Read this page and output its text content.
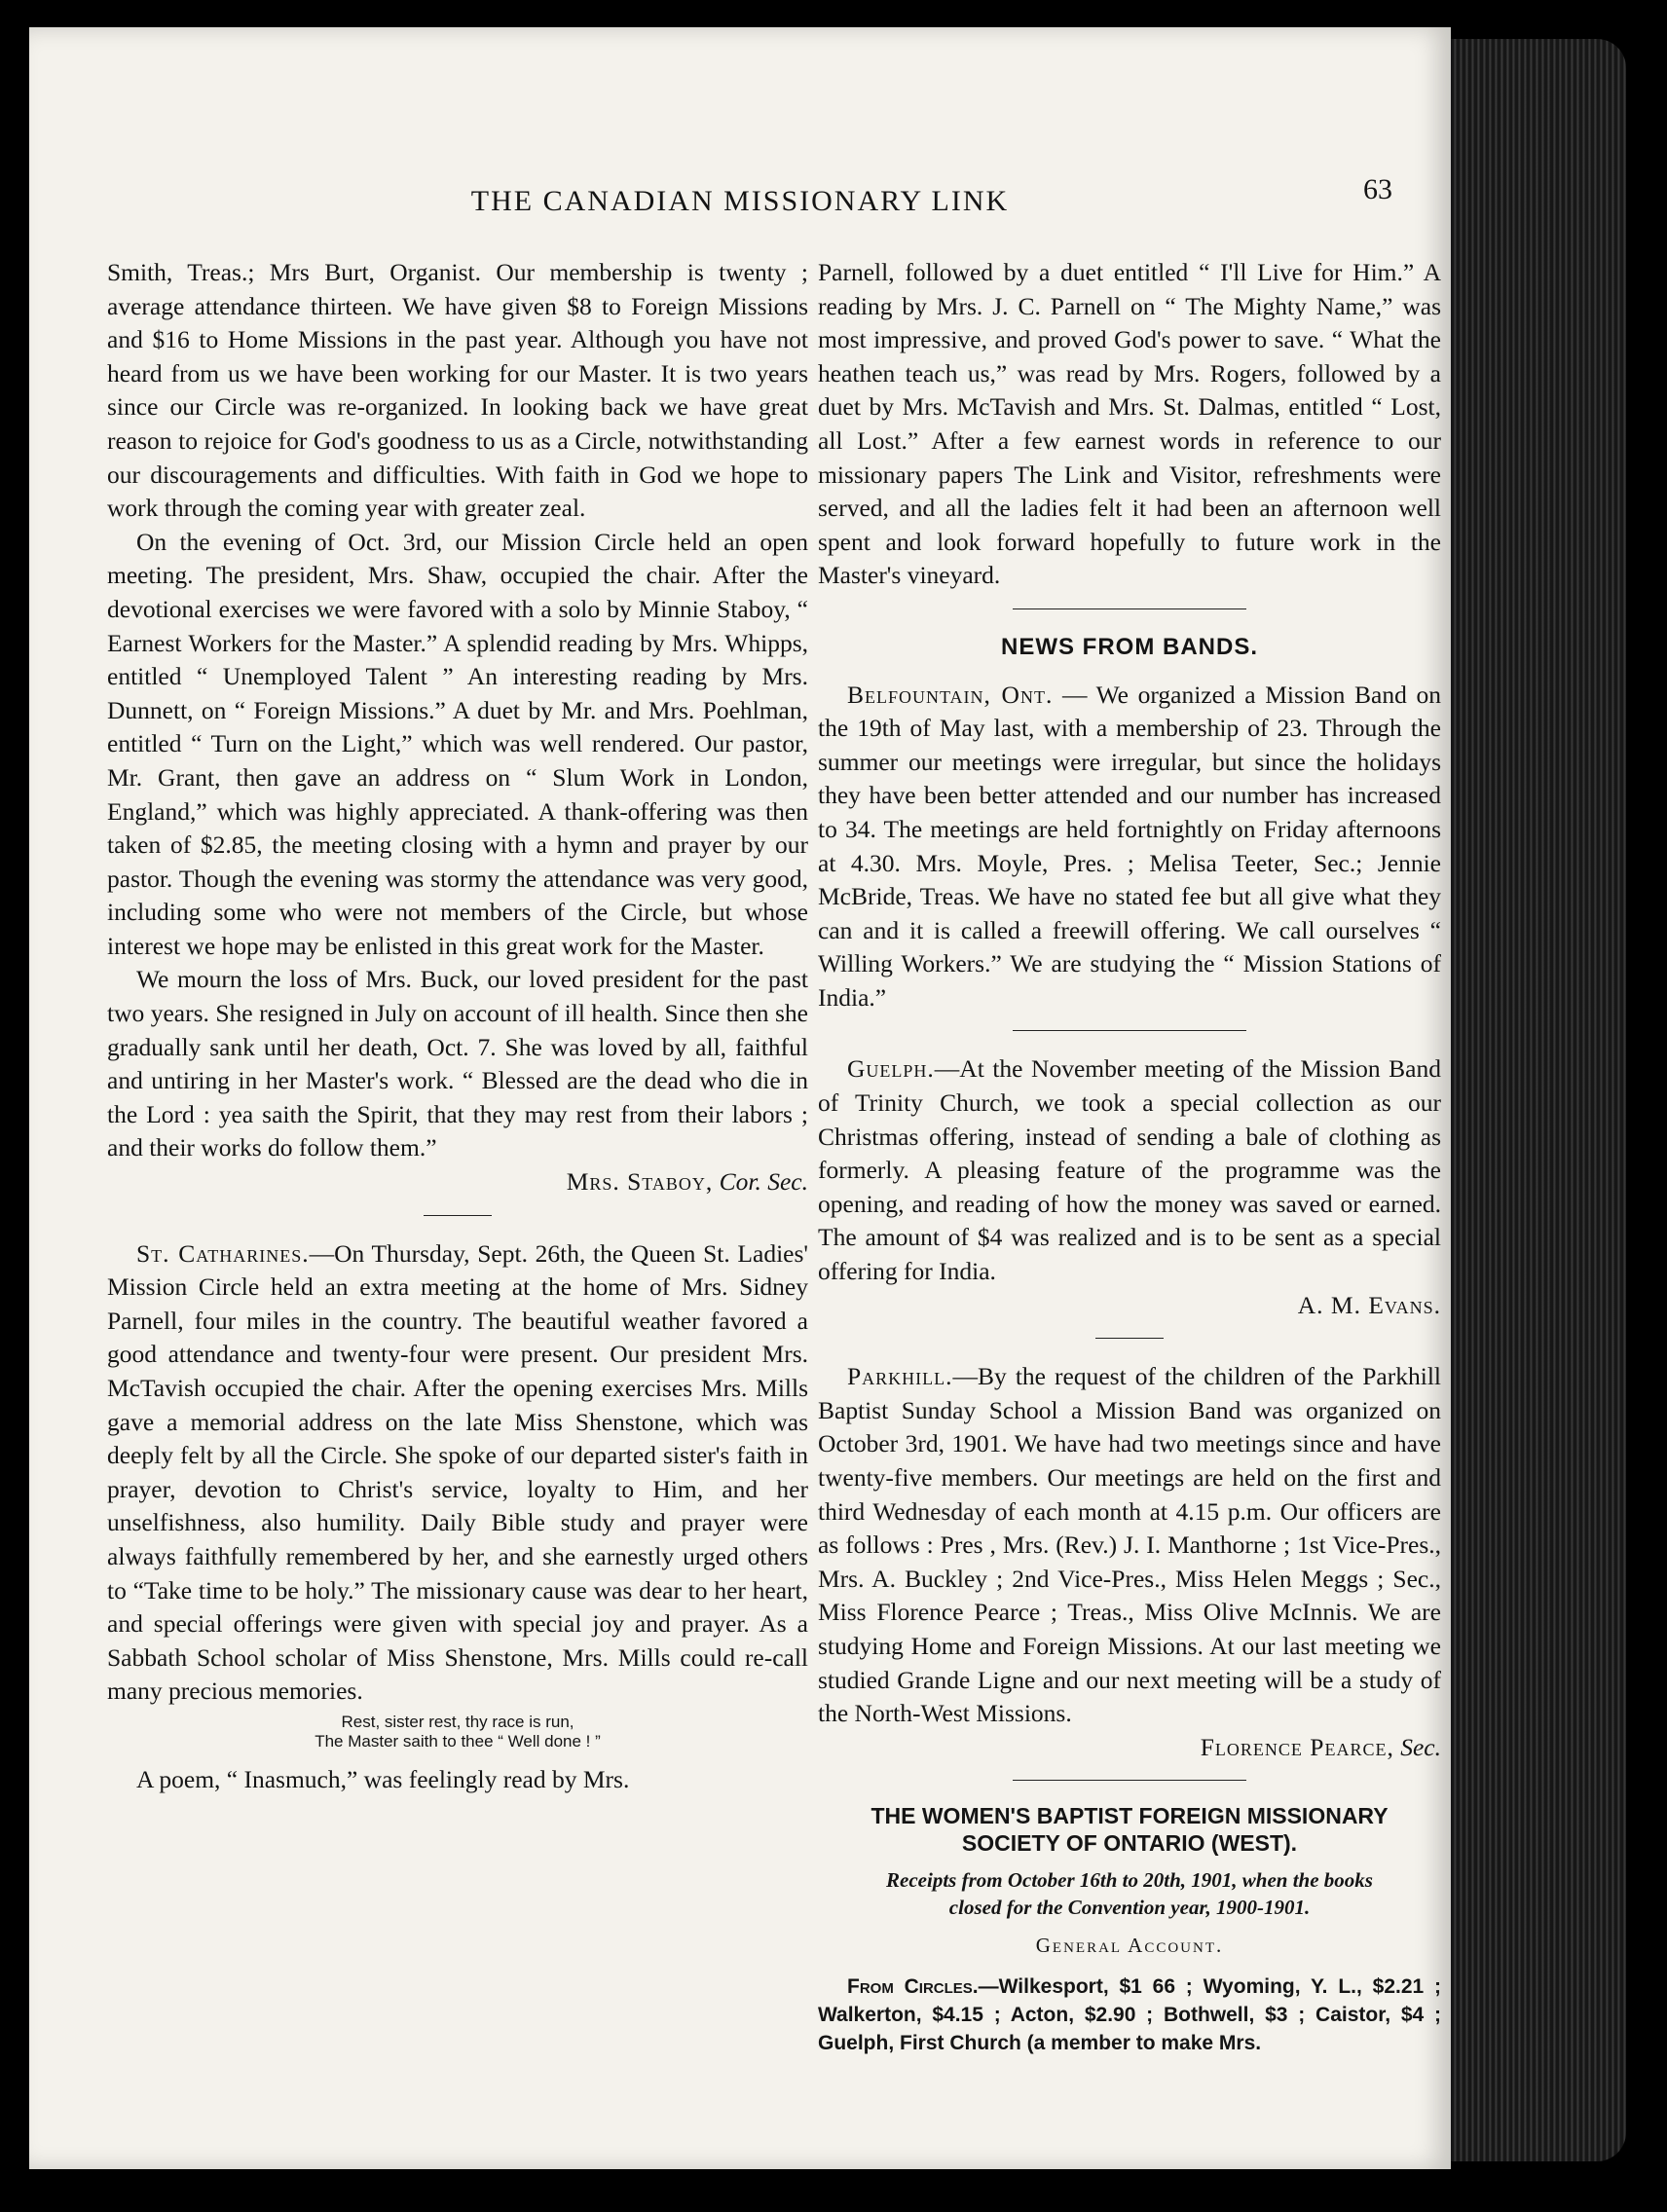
THE CANADIAN MISSIONARY LINK	63

Smith, Treas.; Mrs Burt, Organist. Our membership is twenty ; average attendance thirteen. We have given $8 to Foreign Missions and $16 to Home Missions in the past year. Although you have not heard from us we have been working for our Master. It is two years since our Circle was re-organized. In looking back we have great reason to rejoice for God's goodness to us as a Circle, notwithstanding our discouragements and difficulties. With faith in God we hope to work through the coming year with greater zeal.

On the evening of Oct. 3rd, our Mission Circle held an open meeting. The president, Mrs. Shaw, occupied the chair. After the devotional exercises we were favored with a solo by Minnie Staboy, “ Earnest Workers for the Master.” A splendid reading by Mrs. Whipps, entitled “ Unemployed Talent ” An interesting reading by Mrs. Dunnett, on “ Foreign Missions.” A duet by Mr. and Mrs. Poehlman, entitled “ Turn on the Light,” which was well rendered. Our pastor, Mr. Grant, then gave an address on “ Slum Work in London, England,” which was highly appreciated. A thank-offering was then taken of $2.85, the meeting closing with a hymn and prayer by our pastor. Though the evening was stormy the attendance was very good, including some who were not members of the Circle, but whose interest we hope may be enlisted in this great work for the Master.

We mourn the loss of Mrs. Buck, our loved president for the past two years. She resigned in July on account of ill health. Since then she gradually sank until her death, Oct. 7. She was loved by all, faithful and untiring in her Master's work. “ Blessed are the dead who die in the Lord : yea saith the Spirit, that they may rest from their labors ; and their works do follow them.”

Mrs. Staboy, Cor. Sec.

St. Catharines.—On Thursday, Sept. 26th, the Queen St. Ladies' Mission Circle held an extra meeting at the home of Mrs. Sidney Parnell, four miles in the country. The beautiful weather favored a good attendance and twenty-four were present. Our president Mrs. McTavish occupied the chair. After the opening exercises Mrs. Mills gave a memorial address on the late Miss Shenstone, which was deeply felt by all the Circle. She spoke of our departed sister's faith in prayer, devotion to Christ's service, loyalty to Him, and her unselfishness, also humility. Daily Bible study and prayer were always faithfully remembered by her, and she earnestly urged others to “Take time to be holy.” The missionary cause was dear to her heart, and special offerings were given with special joy and prayer. As a Sabbath School scholar of Miss Shenstone, Mrs. Mills could re-call many precious memories.

Rest, sister rest, thy race is run,
The Master saith to thee “ Well done ! ”

A poem, “ Inasmuch,” was feelingly read by Mrs.

Parnell, followed by a duet entitled “ I'll Live for Him.” A reading by Mrs. J. C. Parnell on “ The Mighty Name,” was most impressive, and proved God's power to save. “ What the heathen teach us,” was read by Mrs. Rogers, followed by a duet by Mrs. McTavish and Mrs. St. Dalmas, entitled “ Lost, all Lost.” After a few earnest words in reference to our missionary papers The Link and Visitor, refreshments were served, and all the ladies felt it had been an afternoon well spent and look forward hopefully to future work in the Master's vineyard.

NEWS FROM BANDS.

Belfountain, Ont. — We organized a Mission Band on the 19th of May last, with a membership of 23. Through the summer our meetings were irregular, but since the holidays they have been better attended and our number has increased to 34. The meetings are held fortnightly on Friday afternoons at 4.30. Mrs. Moyle, Pres. ; Melisa Teeter, Sec.; Jennie McBride, Treas. We have no stated fee but all give what they can and it is called a freewill offering. We call ourselves “ Willing Workers.” We are studying the “ Mission Stations of India.”

Guelph.—At the November meeting of the Mission Band of Trinity Church, we took a special collection as our Christmas offering, instead of sending a bale of clothing as formerly. A pleasing feature of the programme was the opening, and reading of how the money was saved or earned. The amount of $4 was realized and is to be sent as a special offering for India.

A. M. Evans.

Parkhill.—By the request of the children of the Parkhill Baptist Sunday School a Mission Band was organized on October 3rd, 1901. We have had two meetings since and have twenty-five members. Our meetings are held on the first and third Wednesday of each month at 4.15 p.m. Our officers are as follows : Pres , Mrs. (Rev.) J. I. Manthorne ; 1st Vice-Pres., Mrs. A. Buckley ; 2nd Vice-Pres., Miss Helen Meggs ; Sec., Miss Florence Pearce ; Treas., Miss Olive McInnis. We are studying Home and Foreign Missions. At our last meeting we studied Grande Ligne and our next meeting will be a study of the North-West Missions.

Florence Pearce, Sec.

THE WOMEN'S BAPTIST FOREIGN MISSIONARY
SOCIETY OF ONTARIO (WEST).
Receipts from October 16th to 20th, 1901, when the books
closed for the Convention year, 1900-1901.
General Account.

From Circles.—Wilkesport, $1 66 ; Wyoming, Y. L., $2.21 ; Walkerton, $4.15 ; Acton, $2.90 ; Bothwell, $3 ; Caistor, $4 ; Guelph, First Church (a member to make Mrs.
